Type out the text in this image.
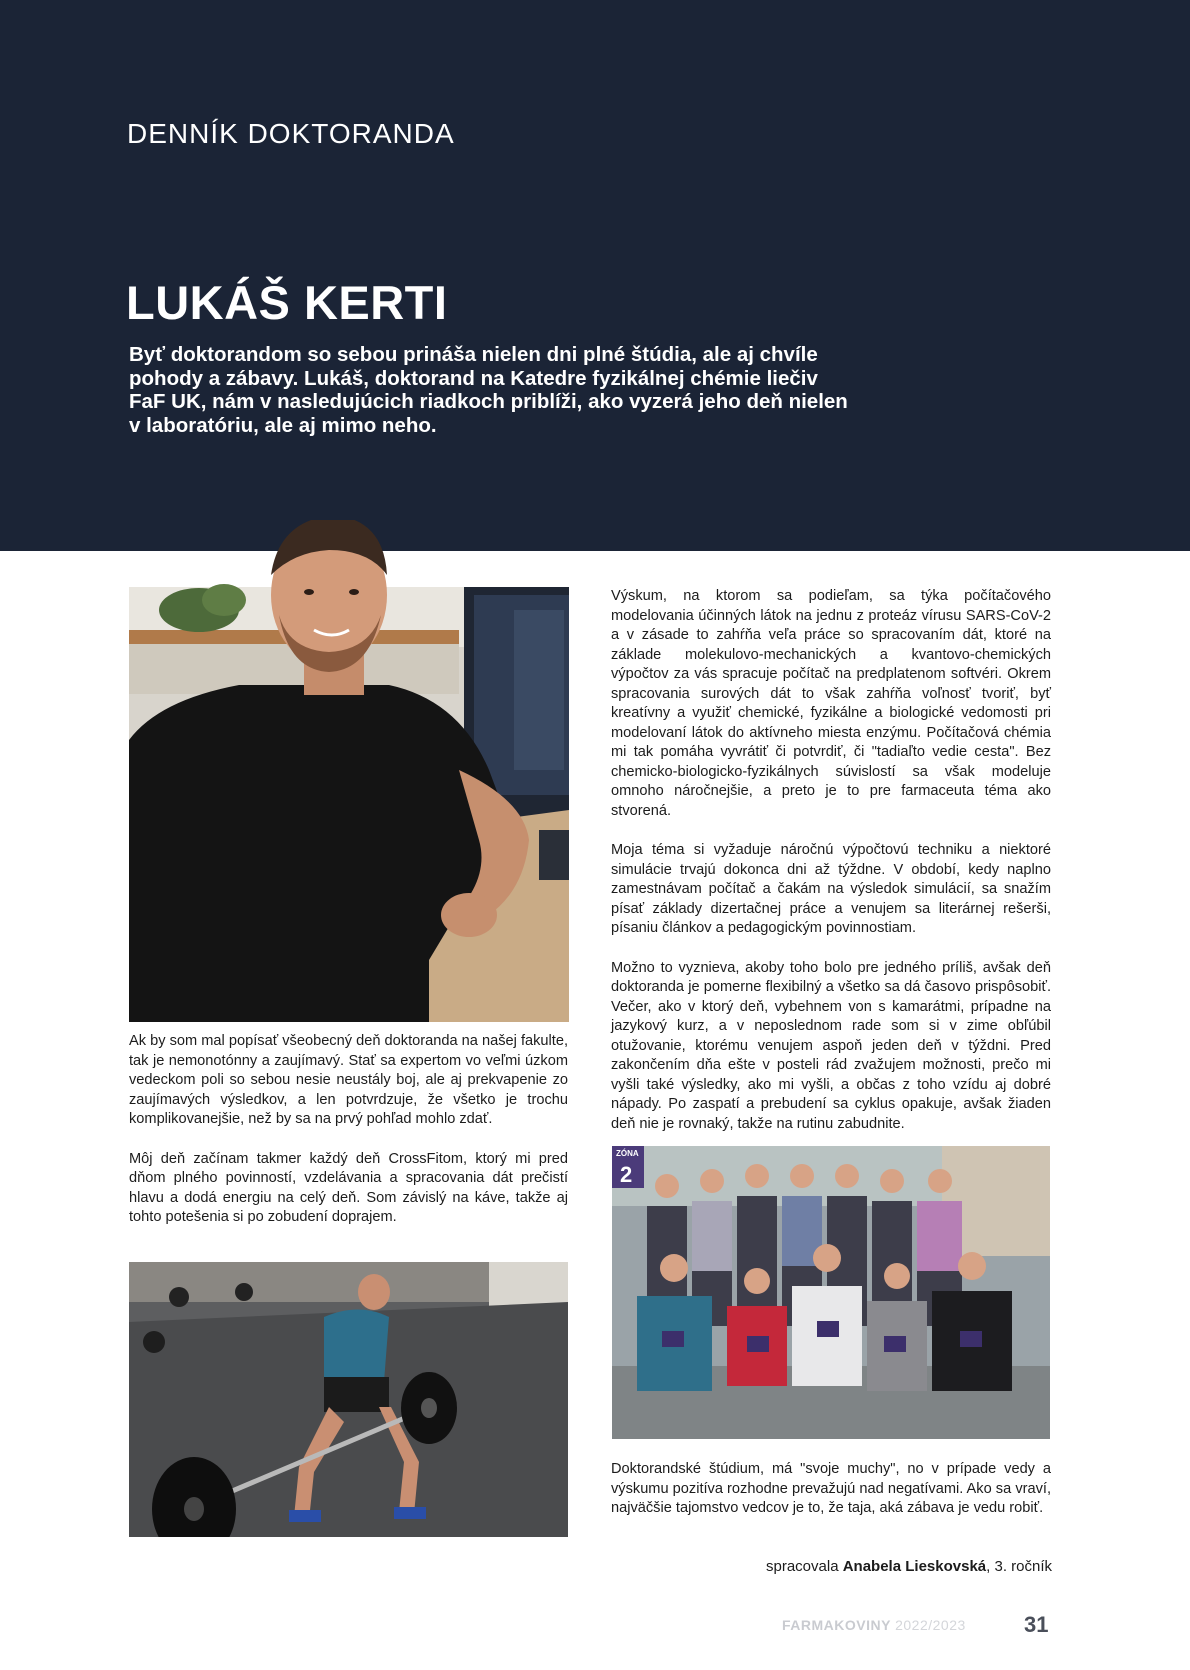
DENNÍK DOKTORANDA
LUKÁŠ KERTI
Byť doktorandom so sebou prináša nielen dni plné štúdia, ale aj chvíle pohody a zábavy. Lukáš, doktorand na Katedre fyzikálnej chémie liečiv FaF UK, nám v nasledujúcich riadkoch priblíži, ako vyzerá jeho deň nielen v laboratóriu, ale aj mimo neho.

Ak by som mal popísať všeobecný deň doktoranda na našej fakulte, tak je nemonotónny a zaujímavý. Stať sa expertom vo veľmi úzkom vedeckom poli so sebou nesie neustály boj, ale aj prekvapenie zo zaujímavých výsledkov, a len potvrdzuje, že všetko je trochu komplikovanejšie, než by sa na prvý pohľad mohlo zdať.

Môj deň začínam takmer každý deň CrossFitom, ktorý mi pred dňom plného povinností, vzdelávania a spracovania dát prečistí hlavu a dodá energiu na celý deň. Som závislý na káve, takže aj tohto potešenia si po zobudení doprajem.

Výskum, na ktorom sa podieľam, sa týka počítačového modelovania účinných látok na jednu z proteáz vírusu SARS-CoV-2 a v zásade to zahŕňa veľa práce so spracovaním dát, ktoré na základe molekulovo-mechanických a kvantovo-chemických výpočtov za vás spracuje počítač na predplatenom softvéri. Okrem spracovania surových dát to však zahŕňa voľnosť tvoriť, byť kreatívny a využiť chemické, fyzikálne a biologické vedomosti pri modelovaní látok do aktívneho miesta enzýmu. Počítačová chémia mi tak pomáha vyvrátiť či potvrdiť, či "tadiaľto vedie cesta". Bez chemicko-biologicko-fyzikálnych súvislostí sa však modeluje omnoho náročnejšie, a preto je to pre farmaceuta téma ako stvorená.

Moja téma si vyžaduje náročnú výpočtovú techniku a niektoré simulácie trvajú dokonca dni až týždne. V období, kedy naplno zamestnávam počítač a čakám na výsledok simulácií, sa snažím písať základy dizertačnej práce a venujem sa literárnej rešerši, písaniu článkov a pedagogickým povinnostiam.

Možno to vyznieva, akoby toho bolo pre jedného príliš, avšak deň doktoranda je pomerne flexibilný a všetko sa dá časovo prispôsobiť. Večer, ako v ktorý deň, vybehnem von s kamarátmi, prípadne na jazykový kurz, a v neposlednom rade som si v zime obľúbil otužovanie, ktorému venujem aspoň jeden deň v týždni. Pred zakončením dňa ešte v posteli rád zvažujem možnosti, prečo mi vyšli také výsledky, ako mi vyšli, a občas z toho vzídu aj dobré nápady. Po zaspatí a prebudení sa cyklus opakuje, avšak žiaden deň nie je rovnaký, takže na rutinu zabudnite.

ZÓNA
2

Doktorandské štúdium, má "svoje muchy", no v prípade vedy a výskumu pozitíva rozhodne prevažujú nad negatívami. Ako sa vraví, najväčšie tajomstvo vedcov je to, že taja, aká zábava je vedu robiť.

spracovala Anabela Lieskovská, 3. ročník
FARMAKOVINY 2022/2023	31
